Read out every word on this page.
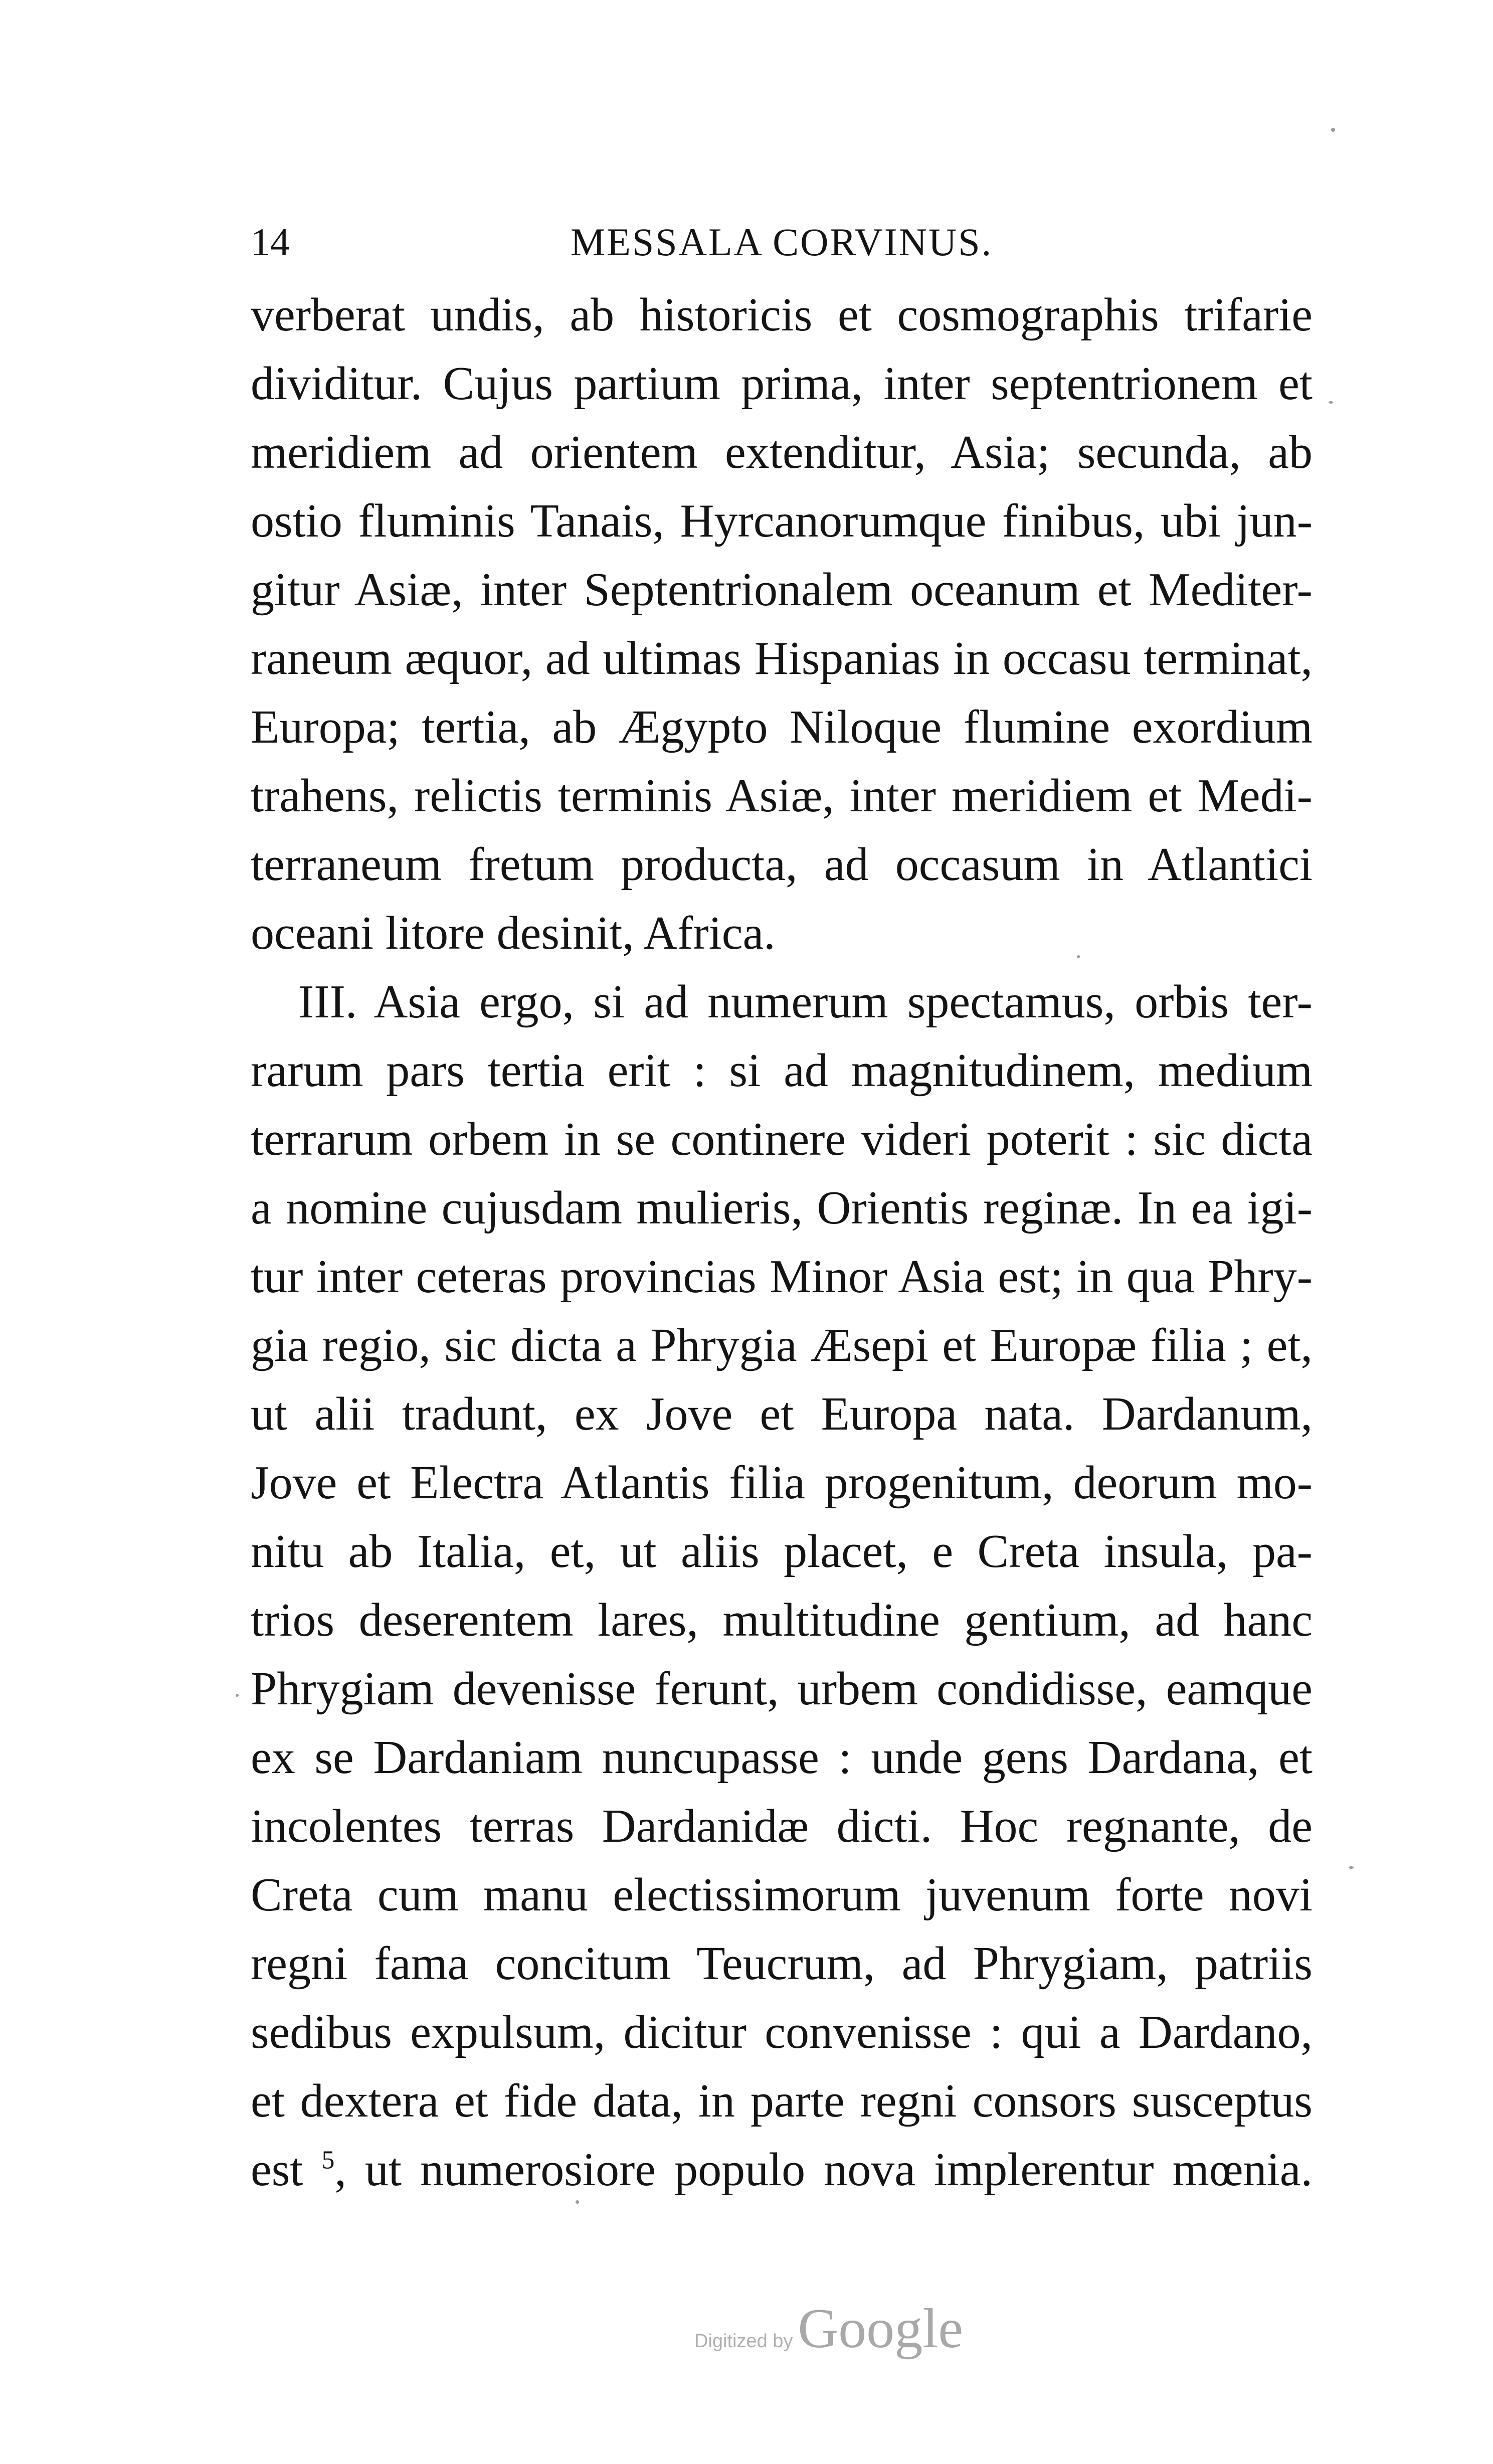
14	MESSALA CORVINUS.
verberat undis, ab historicis et cosmographis trifarie
dividitur. Cujus partium prima, inter septentrionem et
meridiem ad orientem extenditur, Asia; secunda, ab
ostio fluminis Tanais, Hyrcanorumque finibus, ubi jun-
gitur Asiæ, inter Septentrionalem oceanum et Mediter-
raneum æquor, ad ultimas Hispanias in occasu terminat,
Europa; tertia, ab Ægypto Niloque flumine exordium
trahens, relictis terminis Asiæ, inter meridiem et Medi-
terraneum fretum producta, ad occasum in Atlantici
oceani litore desinit, Africa.
III. Asia ergo, si ad numerum spectamus, orbis ter-
rarum pars tertia erit : si ad magnitudinem, medium
terrarum orbem in se continere videri poterit : sic dicta
a nomine cujusdam mulieris, Orientis reginæ. In ea igi-
tur inter ceteras provincias Minor Asia est; in qua Phry-
gia regio, sic dicta a Phrygia Æsepi et Europæ filia ; et,
ut alii tradunt, ex Jove et Europa nata. Dardanum,
Jove et Electra Atlantis filia progenitum, deorum mo-
nitu ab Italia, et, ut aliis placet, e Creta insula, pa-
trios deserentem lares, multitudine gentium, ad hanc
Phrygiam devenisse ferunt, urbem condidisse, eamque
ex se Dardaniam nuncupasse : unde gens Dardana, et
incolentes terras Dardanidæ dicti. Hoc regnante, de
Creta cum manu electissimorum juvenum forte novi
regni fama concitum Teucrum, ad Phrygiam, patriis
sedibus expulsum, dicitur convenisse : qui a Dardano,
et dextera et fide data, in parte regni consors susceptus
est $^5$, ut numerosiore populo nova implerentur mœnia.
Digitized by Google
